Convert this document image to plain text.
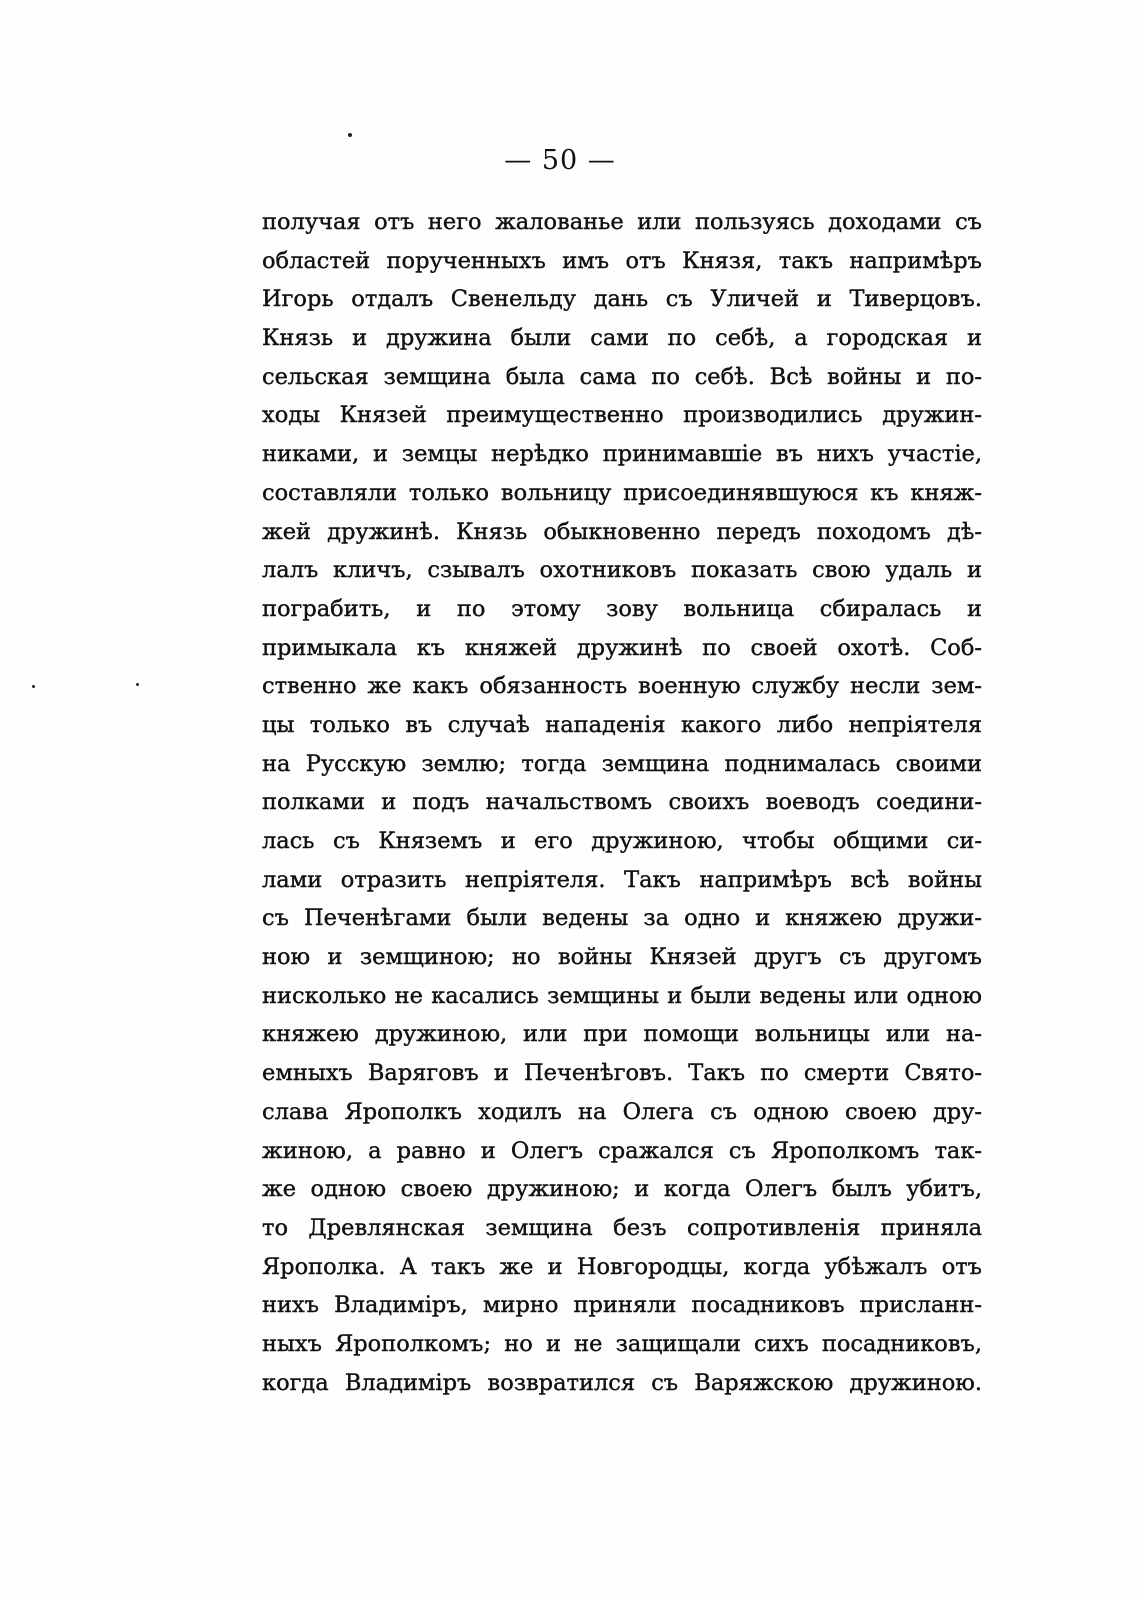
— 50 —
получая отъ него жалованье или пользуясь доходами съ
областей порученныхъ имъ отъ Князя, такъ напримѣръ
Игорь отдалъ Свенельду дань съ Уличей и Тиверцовъ.
Князь и дружина были сами по себѣ, а городская и
сельская земщина была сама по себѣ. Всѣ войны и по-
ходы Князей преимущественно производились дружин-
никами, и земцы нерѣдко принимавшіе въ нихъ участіе,
составляли только вольницу присоединявшуюся къ княж-
жей дружинѣ. Князь обыкновенно передъ походомъ дѣ-
лалъ кличъ, сзывалъ охотниковъ показать свою удаль и
пограбить, и по этому зову вольница сбиралась и
примыкала къ княжей дружинѣ по своей охотѣ. Соб-
ственно же какъ обязанность военную службу несли зем-
цы только въ случаѣ нападенія какого либо непріятеля
на Русскую землю; тогда земщина поднималась своими
полками и подъ начальствомъ своихъ воеводъ соедини-
лась съ Княземъ и его дружиною, чтобы общими си-
лами отразить непріятеля. Такъ напримѣръ всѣ войны
съ Печенѣгами были ведены за одно и княжею дружи-
ною и земщиною; но войны Князей другъ съ другомъ
нисколько не касались земщины и были ведены или одною
княжею дружиною, или при помощи вольницы или на-
емныхъ Варяговъ и Печенѣговъ. Такъ по смерти Свято-
слава Ярополкъ ходилъ на Олега съ одною своею дру-
жиною, а равно и Олегъ сражался съ Ярополкомъ так-
же одною своею дружиною; и когда Олегъ былъ убитъ,
то Древлянская земщина безъ сопротивленія приняла
Ярополка. А такъ же и Новгородцы, когда убѣжалъ отъ
нихъ Владиміръ, мирно приняли посадниковъ присланн-
ныхъ Ярополкомъ; но и не защищали сихъ посадниковъ,
когда Владиміръ возвратился съ Варяжскою дружиною.
